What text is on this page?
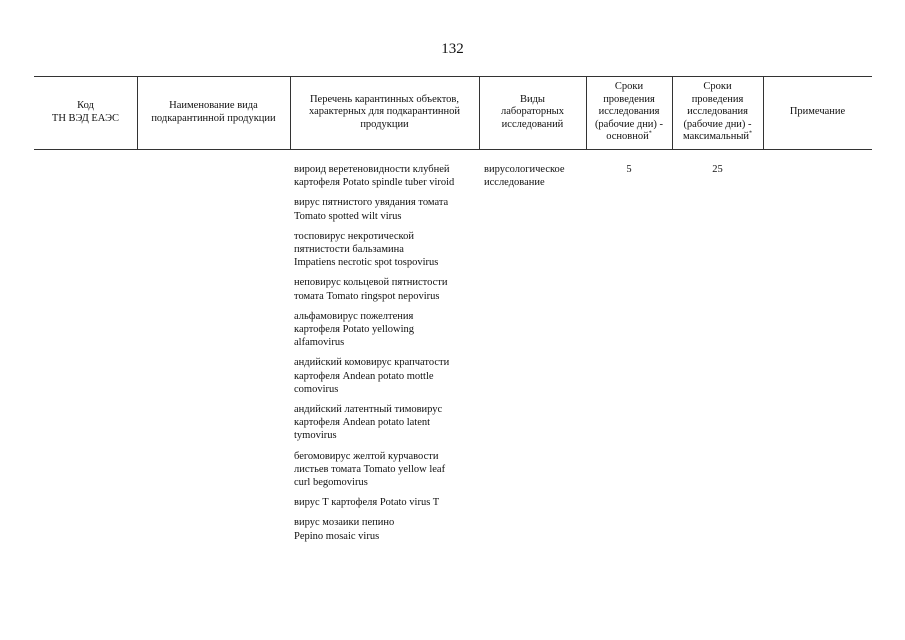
132
Код
ТН ВЭД ЕАЭС
Наименование вида
подкарантинной продукции
Перечень карантинных объектов,
характерных для подкарантинной
продукции
Виды
лабораторных
исследований
Сроки
проведения
исследования
(рабочие дни) -
основной*
Сроки
проведения
исследования
(рабочие дни) -
максимальный*
Примечание
вироид веретеновидности клубней
картофеля Potato spindle tuber viroid
вирус пятнистого увядания томата
Tomato spotted wilt virus
тосповирус некротической
пятнистости бальзамина
Impatiens necrotic spot tospovirus
неповирус кольцевой пятнистости
томата Tomato ringspot nepovirus
альфамовирус пожелтения
картофеля Potato yellowing
alfamovirus
андийский комовирус крапчатости
картофеля Andean potato mottle
comovirus
андийский латентный тимовирус
картофеля Andean potato latent
tymovirus
бегомовирус желтой курчавости
листьев томата Tomato yellow leaf
curl begomovirus
вирус Т картофеля Potato virus T
вирус мозаики пепино
Pepino mosaic virus
вирусологическое
исследование
5	25
